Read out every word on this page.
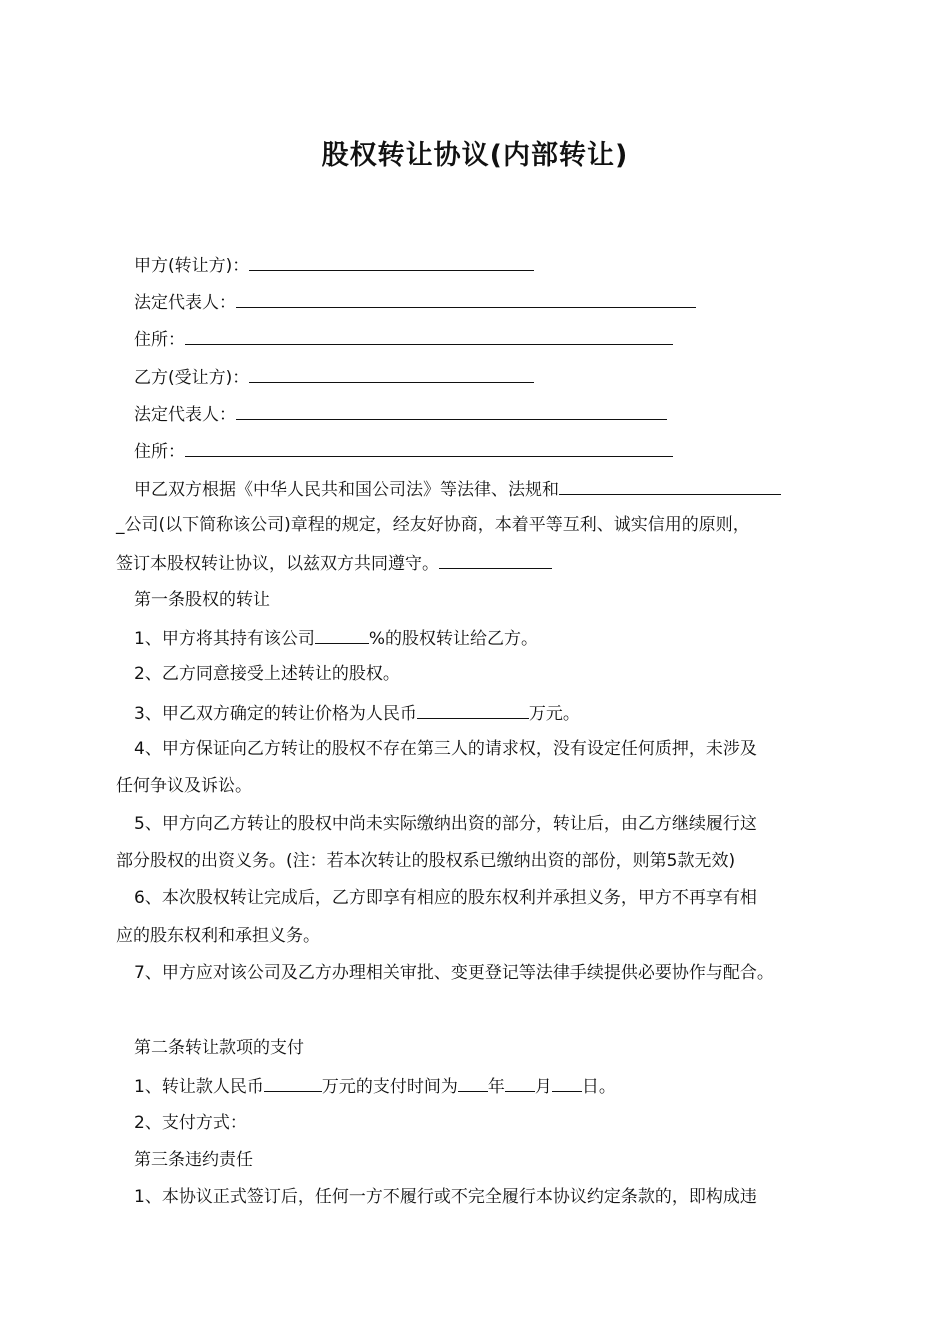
股权转让协议(内部转让)
甲方(转让方)：
法定代表人：
住所：
乙方(受让方)：
法定代表人：
住所：
甲乙双方根据《中华人民共和国公司法》等法律、法规和
_公司(以下简称该公司)章程的规定，经友好协商，本着平等互利、诚实信用的原则，
签订本股权转让协议，以兹双方共同遵守。
第一条股权的转让
1、甲方将其持有该公司	%的股权转让给乙方。
2、乙方同意接受上述转让的股权。
3、甲乙双方确定的转让价格为人民币	万元。
4、甲方保证向乙方转让的股权不存在第三人的请求权，没有设定任何质押，未涉及
任何争议及诉讼。
5、甲方向乙方转让的股权中尚未实际缴纳出资的部分，转让后，由乙方继续履行这
部分股权的出资义务。(注：若本次转让的股权系已缴纳出资的部份，则第5款无效)
6、本次股权转让完成后，乙方即享有相应的股东权利并承担义务，甲方不再享有相
应的股东权利和承担义务。
7、甲方应对该公司及乙方办理相关审批、变更登记等法律手续提供必要协作与配合。
第二条转让款项的支付
1、转让款人民币	万元的支付时间为 年 月 日。
2、支付方式：
第三条违约责任
1、本协议正式签订后，任何一方不履行或不完全履行本协议约定条款的，即构成违
